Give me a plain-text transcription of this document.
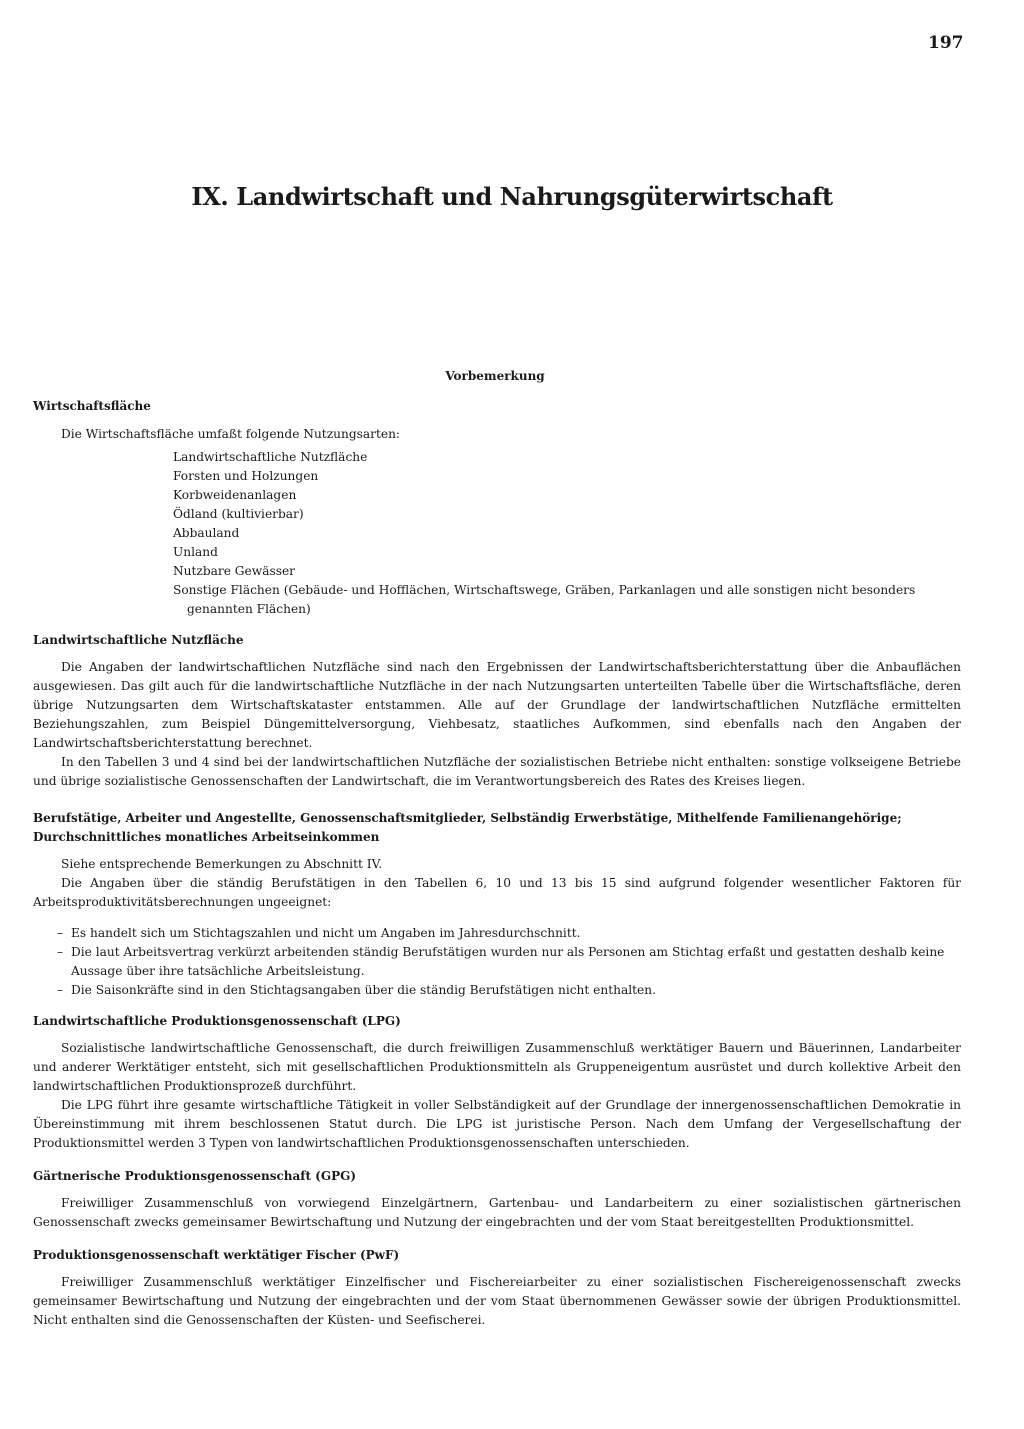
197
IX. Landwirtschaft und Nahrungsgüterwirtschaft
Vorbemerkung
Wirtschaftsfläche

Die Wirtschaftsfläche umfaßt folgende Nutzungsarten:

Landwirtschaftliche Nutzfläche
Forsten und Holzungen
Korbweidenanlagen
Ödland (kultivierbar)
Abbauland
Unland
Nutzbare Gewässer
Sonstige Flächen (Gebäude- und Hofflächen, Wirtschaftswege, Gräben, Parkanlagen und alle sonstigen nicht besonders genannten Flächen)
Landwirtschaftliche Nutzfläche

Die Angaben der landwirtschaftlichen Nutzfläche sind nach den Ergebnissen der Landwirtschaftsberichterstattung über die Anbauflächen ausgewiesen. Das gilt auch für die landwirtschaftliche Nutzfläche in der nach Nutzungsarten unterteilten Tabelle über die Wirtschaftsfläche, deren übrige Nutzungsarten dem Wirtschaftskataster entstammen. Alle auf der Grundlage der landwirtschaftlichen Nutzfläche ermittelten Beziehungszahlen, zum Beispiel Düngemittelversorgung, Viehbesatz, staatliches Aufkommen, sind ebenfalls nach den Angaben der Landwirtschaftsberichterstattung berechnet.

In den Tabellen 3 und 4 sind bei der landwirtschaftlichen Nutzfläche der sozialistischen Betriebe nicht enthalten: sonstige volkseigene Betriebe und übrige sozialistische Genossenschaften der Landwirtschaft, die im Verantwortungsbereich des Rates des Kreises liegen.

Berufstätige, Arbeiter und Angestellte, Genossenschaftsmitglieder, Selbständig Erwerbstätige, Mithelfende Familienangehörige; Durchschnittliches monatliches Arbeitseinkommen

Siehe entsprechende Bemerkungen zu Abschnitt IV.

Die Angaben über die ständig Berufstätigen in den Tabellen 6, 10 und 13 bis 15 sind aufgrund folgender wesentlicher Faktoren für Arbeitsproduktivitätsberechnungen ungeeignet:

– Es handelt sich um Stichtagszahlen und nicht um Angaben im Jahresdurchschnitt.
– Die laut Arbeitsvertrag verkürzt arbeitenden ständig Berufstätigen wurden nur als Personen am Stichtag erfaßt und gestatten deshalb keine Aussage über ihre tatsächliche Arbeitsleistung.
– Die Saisonkräfte sind in den Stichtagsangaben über die ständig Berufstätigen nicht enthalten.
Landwirtschaftliche Produktionsgenossenschaft (LPG)

Sozialistische landwirtschaftliche Genossenschaft, die durch freiwilligen Zusammenschluß werktätiger Bauern und Bäuerinnen, Landarbeiter und anderer Werktätiger entsteht, sich mit gesellschaftlichen Produktionsmitteln als Gruppeneigentum ausrüstet und durch kollektive Arbeit den landwirtschaftlichen Produktionsprozeß durchführt.

Die LPG führt ihre gesamte wirtschaftliche Tätigkeit in voller Selbständigkeit auf der Grundlage der innergenossenschaftlichen Demokratie in Übereinstimmung mit ihrem beschlossenen Statut durch. Die LPG ist juristische Person. Nach dem Umfang der Vergesellschaftung der Produktionsmittel werden 3 Typen von landwirtschaftlichen Produktionsgenossenschaften unterschieden.

Gärtnerische Produktionsgenossenschaft (GPG)

Freiwilliger Zusammenschluß von vorwiegend Einzelgärtnern, Gartenbau- und Landarbeitern zu einer sozialistischen gärtnerischen Genossenschaft zwecks gemeinsamer Bewirtschaftung und Nutzung der eingebrachten und der vom Staat bereitgestellten Produktionsmittel.

Produktionsgenossenschaft werktätiger Fischer (PwF)

Freiwilliger Zusammenschluß werktätiger Einzelfischer und Fischereiarbeiter zu einer sozialistischen Fischereigenossenschaft zwecks gemeinsamer Bewirtschaftung und Nutzung der eingebrachten und der vom Staat übernommenen Gewässer sowie der übrigen Produktionsmittel. Nicht enthalten sind die Genossenschaften der Küsten- und Seefischerei.
